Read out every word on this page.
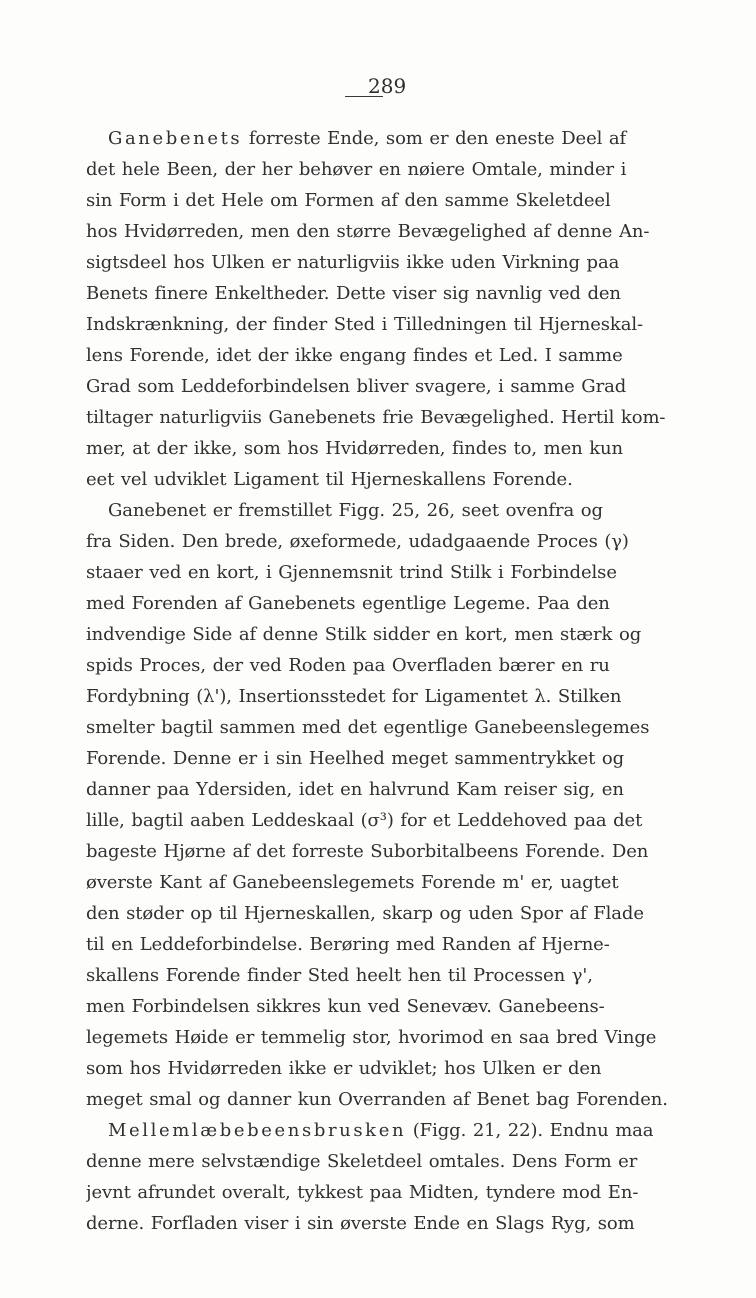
289
Ganebenets forreste Ende, som er den eneste Deel af
det hele Been, der her behøver en nøiere Omtale, minder i
sin Form i det Hele om Formen af den samme Skeletdeel
hos Hvidørreden, men den større Bevægelighed af denne An-
sigtsdeel hos Ulken er naturligviis ikke uden Virkning paa
Benets finere Enkeltheder. Dette viser sig navnlig ved den
Indskrænkning, der finder Sted i Tilledningen til Hjerneskal-
lens Forende, idet der ikke engang findes et Led. I samme
Grad som Leddeforbindelsen bliver svagere, i samme Grad
tiltager naturligviis Ganebenets frie Bevægelighed. Hertil kom-
mer, at der ikke, som hos Hvidørreden, findes to, men kun
eet vel udviklet Ligament til Hjerneskallens Forende.
Ganebenet er fremstillet Figg. 25, 26, seet ovenfra og
fra Siden. Den brede, øxeformede, udadgaaende Proces (γ)
staaer ved en kort, i Gjennemsnit trind Stilk i Forbindelse
med Forenden af Ganebenets egentlige Legeme. Paa den
indvendige Side af denne Stilk sidder en kort, men stærk og
spids Proces, der ved Roden paa Overfladen bærer en ru
Fordybning (λ'), Insertionsstedet for Ligamentet λ. Stilken
smelter bagtil sammen med det egentlige Ganebeenslegemes
Forende. Denne er i sin Heelhed meget sammentrykket og
danner paa Ydersiden, idet en halvrund Kam reiser sig, en
lille, bagtil aaben Leddeskaal (σ³) for et Leddehoved paa det
bageste Hjørne af det forreste Suborbitalbeens Forende. Den
øverste Kant af Ganebeenslegemets Forende m' er, uagtet
den støder op til Hjerneskallen, skarp og uden Spor af Flade
til en Leddeforbindelse. Berøring med Randen af Hjerne-
skallens Forende finder Sted heelt hen til Processen γ',
men Forbindelsen sikkres kun ved Senevæv. Ganebeens-
legemets Høide er temmelig stor, hvorimod en saa bred Vinge
som hos Hvidørreden ikke er udviklet; hos Ulken er den
meget smal og danner kun Overranden af Benet bag Forenden.
Mellemlæbebeensbrusken (Figg. 21, 22). Endnu maa
denne mere selvstændige Skeletdeel omtales. Dens Form er
jevnt afrundet overalt, tykkest paa Midten, tyndere mod En-
derne. Forfladen viser i sin øverste Ende en Slags Ryg, som
